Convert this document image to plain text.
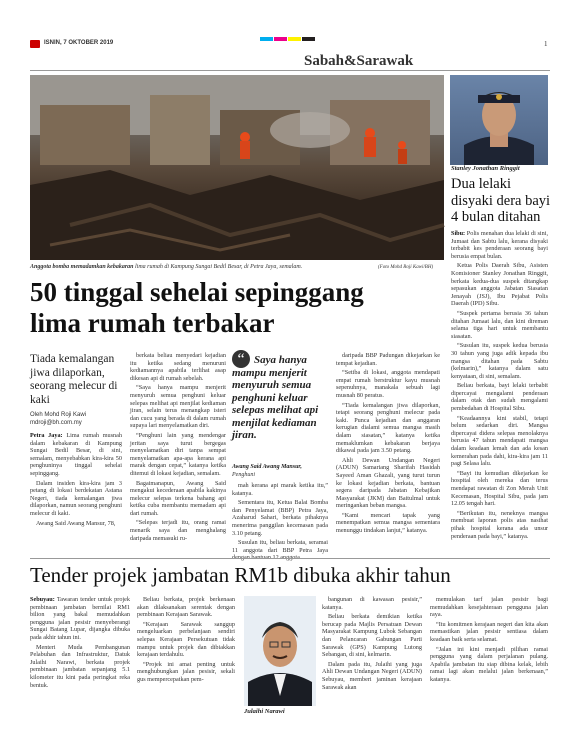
ISNIN, 7 OKTOBER 2019	1
Sabah&Sarawak
Anggota bomba memadamkan kebakaran lima rumah di Kampung Sungai Bedil Besar, di Petra Jaya, semalam.	(Foto Mohd Roji Kawi/BH)
Stanley Jonathan Ringgit
Dua lelaki disyaki dera bayi 4 bulan ditahan

Sibu: Polis menahan dua lelaki di sini, Jumaat dan Sabtu lalu, kerana disyaki terbabit kes penderaan seorang bayi berusia empat bulan.

Ketua Polis Daerah Sibu, Asisten Komisioner Stanley Jonathan Ringgit, berkata kedua-dua suspek ditangkap sepasukan anggota Jabatan Siasatan Jenayah (JSJ), Ibu Pejabat Polis Daerah (IPD) Sibu.

“Suspek pertama berusia 36 tahun ditahan Jumaat lalu, dan kini direman selama tiga hari untuk membantu siasatan.

“Susulan itu, suspek kedua berusia 30 tahun yang juga adik kepada ibu mangsa ditahan pada Sabtu (kelmarin),” katanya dalam satu kenyataan, di sini, semalam.

Beliau berkata, bayi lelaki terbabit dipercayai mengalami penderaan dalam otak dan sudah mengalami pembedahan di Hospital Sibu.

“Keadaannya kini stabil, tetapi belum sedarkan diri. Mangsa dipercayai didera selepas menolaknya berusia 47 tahun mendapati mangsa dalam keadaan lemah dan ada kesan kemerahan pada dahi, kira-kira jam 11 pagi Selasa lalu.

“Bayi itu kemudian dikejarkan ke hospital oleh mereka dan terus mendapat rawatan di Zon Merah Unit Kecemasan, Hospital Sibu, pada jam 12.05 tengah hari.

“Berikutan itu, neneknya mangsa membuat laporan polis atas nasihat pihak hospital kerana ada unsur penderaan pada bayi,” katanya.

50 tinggal sehelai sepinggang
lima rumah terbakar
Tiada kemalangan jiwa dilaporkan, seorang melecur di kaki
Oleh Mohd Roji Kawi
mdroji@bh.com.my

Petra Jaya: Lima rumah musnah dalam kebakaran di Kampung Sungai Bedil Besar, di sini, semalam, menyebabkan kira-kira 50 penghuninya tinggal sehelai sepinggang.

Dalam insiden kira-kira jam 3 petang di lokasi berdekatan Astana Negeri, tiada kemalangan jiwa dilaporkan, namun seorang penghuni melecur di kaki.

Awang Said Awang Mansur, 78,

berkata beliau menyedari kejadian itu ketika sedang menuruni kediamannya apabila terlihat asap dikesan api di rumah sebelah.

“Saya hanya mampu menjerit menyuruh semua penghuni keluar selepas melihat api menjilat kediaman jiran, selain terus menangkap isteri dan cucu yang berada di dalam rumah supaya lari menyelamatkan diri.

“Penghuni lain yang mendengar jeritan saya turut bergegas menyelamatkan diri tanpa sempat menyelamatkan apa-apa kerana api marak dengan cepat,” katanya ketika ditemui di lokasi kejadian, semalam.

Bagaimanapun, Awang Said mengakui kecederaan apabila kakinya melecur selepas terkena bahang api ketika cuba membantu memadam api dari rumah.

“Selepas terjadi itu, orang ramai menarik saya dan menghalang daripada memasuki ru-

“ Saya hanya mampu menjerit menyuruh semua penghuni keluar selepas melihat api menjilat kediaman jiran.
Awang Said Awang Mansur,
Penghuni

mah kerana api marak ketika itu,” katanya.

Sementara itu, Ketua Balai Bomba dan Penyelamat (BBP) Petra Jaya, Azaharud Sahari, berkata pihaknya menerima panggilan kecemasan pada 3.10 petang.

Susulan itu, beliau berkata, seramai 11 anggota dari BBP Petra Jaya

daripada BBP Padungan dikejarkan ke tempat kejadian.

“Setiba di lokasi, anggota mendapati empat rumah berstruktur kayu musnah sepenuhnya, manakala sebuah lagi musnah 80 peratus.

“Tiada kemalangan jiwa dilaporkan, tetapi seorang penghuni melecur pada kaki. Punca kejadian dan anggaran kerugian dialami semua mangsa masih dalam siasatan,” katanya ketika memaklumkan kebakaran berjaya dikawal pada jam 3.50 petang.

Ahli Dewan Undangan Negeri (ADUN) Samariang Sharifah Hasidah Sayeed Aman Ghazali, yang turut turun ke lokasi kejadian berkata, bantuan segera daripada Jabatan Kebajikan Masyarakat (JKM) dan Baitulmal untuk meringankan beban mangsa.

“Kami mencari tapak yang menempatkan semua mangsa sementara menunggu tindakan lanjut,” katanya.

Tender projek jambatan RM1b dibuka akhir tahun

Sebuyau: Tawaran tender untuk projek pembinaan jambatan bernilai RM1 bilion yang bakal memudahkan pengguna jalan pesisir menyeberangi Sungai Batang Lupar, dijangka dibuka pada akhir tahun ini.

Menteri Muda Pembangunan Pelabuhan dan Infrastruktur, Datuk Julaihi Narawi, berkata projek pembinaan jambatan sepanjang 5.1 kilometer itu kini pada peringkat reka bentuk.

Beliau berkata, projek berkenaan akan dilaksanakan serentak dengan pembinaan Kerajaan Sarawak.

“Kerajaan Sarawak sanggup mengeluarkan perbelanjaan sendiri selepas Kerajaan Persekutuan tidak mampu untuk projek dan dibiakkan kerajaan terdahulu.

“Projek ini amat penting untuk menghubungkan jalan pesisir, sekali gus mempercepatkan pem-

Julaihi Narawi

bangunan di kawasan pesisir,” katanya.

Beliau berkata demikian ketika berucap pada Majlis Persatuan Dewan Masyarakat Kampung Lubok Sebangan dan Pelancaran Gabungan Parti Sarawak (GPS) Kampung Lutong Sebangan, di sini, kelmarin.

Dalam pada itu, Julaihi yang juga Ahli Dewan Undangan Negeri (ADUN) Sebuyau, memberi jaminan kerajaan Sarawak akan

memulakan tarf jalan pesisir bagi memudahkan kesejahteraan pengguna jalan raya.

“Itu komitmen kerajaan negeri dan kita akan memastikan jalan pesisir sentiasa dalam keadaan baik serta selamat.

“Jalan ini kini menjadi pilihan ramai pengguna yang dalam perjalanan pulang. Apabila jambatan itu siap dibina kelak, lebih ramai lagi akan melalui jalan berkenaan,” katanya.
